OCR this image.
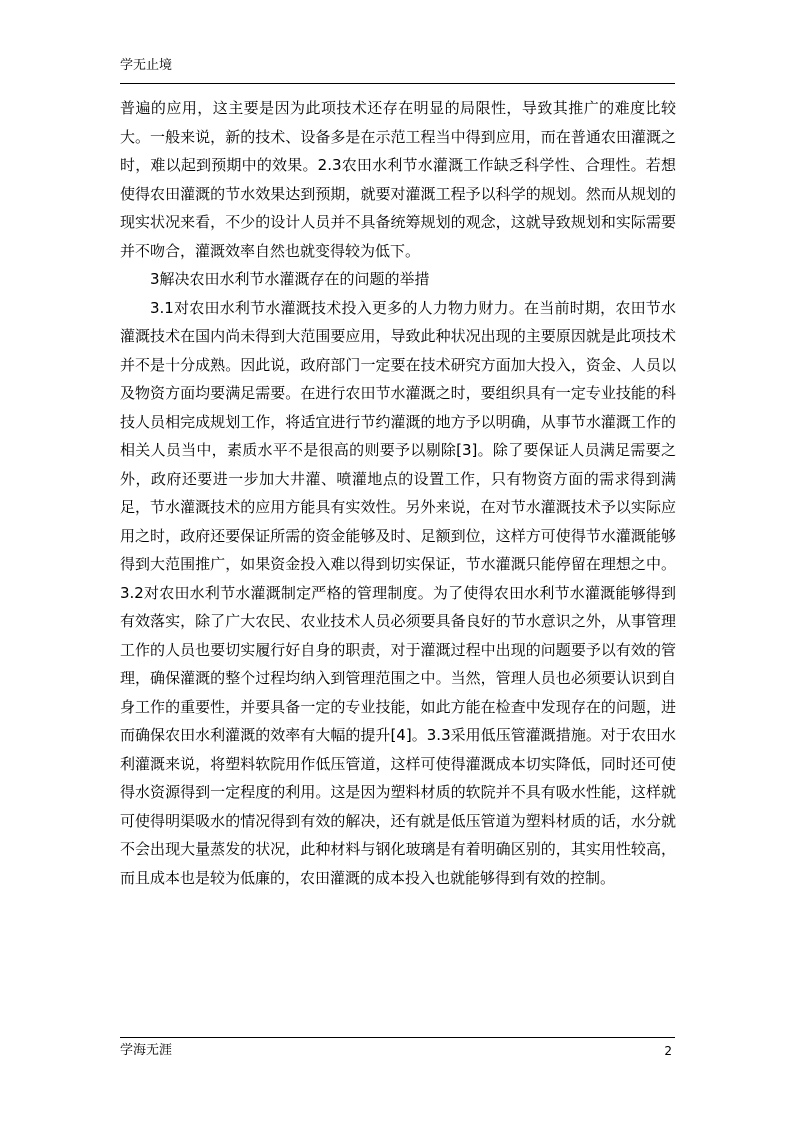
学无止境

普遍的应用，这主要是因为此项技术还存在明显的局限性，导致其推广的难度比较大。一般来说，新的技术、设备多是在示范工程当中得到应用，而在普通农田灌溉之时，难以起到预期中的效果。2.3农田水利节水灌溉工作缺乏科学性、合理性。若想使得农田灌溉的节水效果达到预期，就要对灌溉工程予以科学的规划。然而从规划的现实状况来看，不少的设计人员并不具备统筹规划的观念，这就导致规划和实际需要并不吻合，灌溉效率自然也就变得较为低下。

3解决农田水利节水灌溉存在的问题的举措

3.1对农田水利节水灌溉技术投入更多的人力物力财力。在当前时期，农田节水灌溉技术在国内尚未得到大范围要应用，导致此种状况出现的主要原因就是此项技术并不是十分成熟。因此说，政府部门一定要在技术研究方面加大投入，资金、人员以及物资方面均要满足需要。在进行农田节水灌溉之时，要组织具有一定专业技能的科技人员相完成规划工作，将适宜进行节约灌溉的地方予以明确，从事节水灌溉工作的相关人员当中，素质水平不是很高的则要予以剔除[3]。除了要保证人员满足需要之外，政府还要进一步加大井灌、喷灌地点的设置工作，只有物资方面的需求得到满足，节水灌溉技术的应用方能具有实效性。另外来说，在对节水灌溉技术予以实际应用之时，政府还要保证所需的资金能够及时、足额到位，这样方可使得节水灌溉能够得到大范围推广，如果资金投入难以得到切实保证，节水灌溉只能停留在理想之中。3.2对农田水利节水灌溉制定严格的管理制度。为了使得农田水利节水灌溉能够得到有效落实，除了广大农民、农业技术人员必须要具备良好的节水意识之外，从事管理工作的人员也要切实履行好自身的职责，对于灌溉过程中出现的问题要予以有效的管理，确保灌溉的整个过程均纳入到管理范围之中。当然，管理人员也必须要认识到自身工作的重要性，并要具备一定的专业技能，如此方能在检查中发现存在的问题，进而确保农田水利灌溉的效率有大幅的提升[4]。3.3采用低压管灌溉措施。对于农田水利灌溉来说，将塑料软院用作低压管道，这样可使得灌溉成本切实降低，同时还可使得水资源得到一定程度的利用。这是因为塑料材质的软院并不具有吸水性能，这样就可使得明渠吸水的情况得到有效的解决，还有就是低压管道为塑料材质的话，水分就不会出现大量蒸发的状况，此种材料与钢化玻璃是有着明确区别的，其实用性较高，而且成本也是较为低廉的，农田灌溉的成本投入也就能够得到有效的控制。

学海无涯	2
